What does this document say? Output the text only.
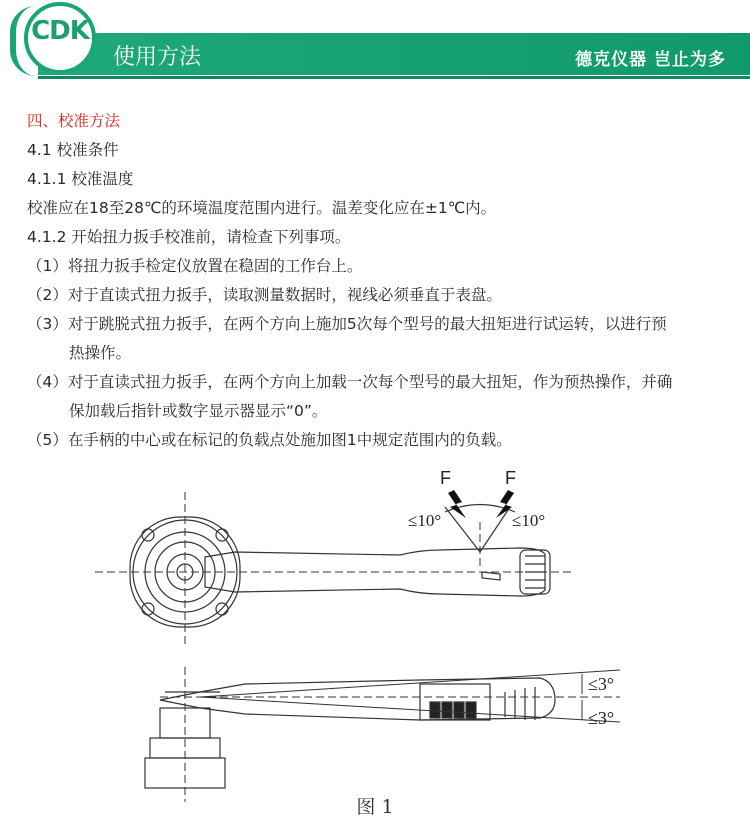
CDK
使用方法	德克仪器 岂止为多

四、校准方法

4.1 校准条件

4.1.1 校准温度

校准应在18至28℃的环境温度范围内进行。温差变化应在±1℃内。

4.1.2 开始扭力扳手校准前，请检查下列事项。

（1）将扭力扳手检定仪放置在稳固的工作台上。

（2）对于直读式扭力扳手，读取测量数据时，视线必须垂直于表盘。

（3）对于跳脱式扭力扳手，在两个方向上施加5次每个型号的最大扭矩进行试运转，以进行预

热操作。

（4）对于直读式扭力扳手，在两个方向上加载一次每个型号的最大扭矩，作为预热操作，并确

保加载后指针或数字显示器显示“0”。

（5）在手柄的中心或在标记的负载点处施加图1中规定范围内的负载。

F	F
≤10°	≤10°
≤3°
≤3°
图 1
